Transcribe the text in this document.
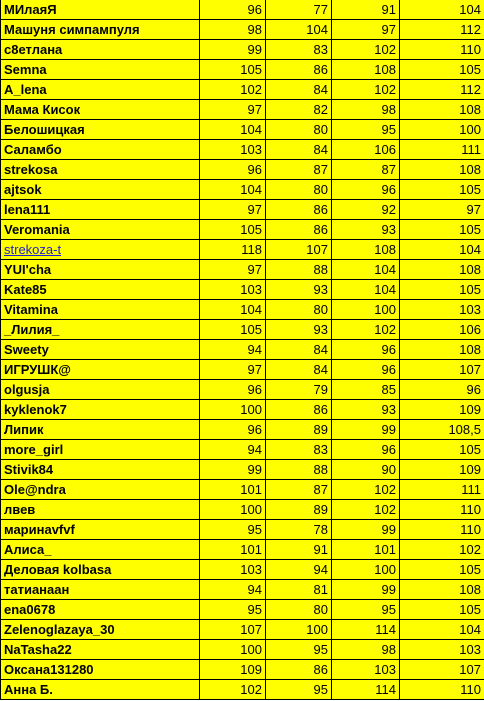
МИлаяЯ	96	77	91	104
Машуня симпампуля	98	104	97	112
с8етлана	99	83	102	110
Semna	105	86	108	105
A_lena	102	84	102	112
Мама Кисок	97	82	98	108
Белошицкая	104	80	95	100
Саламбо	103	84	106	111
strekosa	96	87	87	108
ajtsok	104	80	96	105
lena111	97	86	92	97
Veromania	105	86	93	105
strekoza-t	118	107	108	104
YUI'cha	97	88	104	108
Kate85	103	93	104	105
Vitamina	104	80	100	103
_Лилия_	105	93	102	106
Sweety	94	84	96	108
ИГРУШК@	97	84	96	107
olgusja	96	79	85	96
kyklenok7	100	86	93	109
Липик	96	89	99	108,5
more_girl	94	83	96	105
Stivik84	99	88	90	109
Ole@ndra	101	87	102	111
лвев	100	89	102	110
маринаvfvf	95	78	99	110
Алиса_	101	91	101	102
Деловая kolbasa	103	94	100	105
татианаан	94	81	99	108
ena0678	95	80	95	105
Zelenoglazaya_30	107	100	114	104
NaTasha22	100	95	98	103
Оксана131280	109	86	103	107
Анна Б.	102	95	114	110
